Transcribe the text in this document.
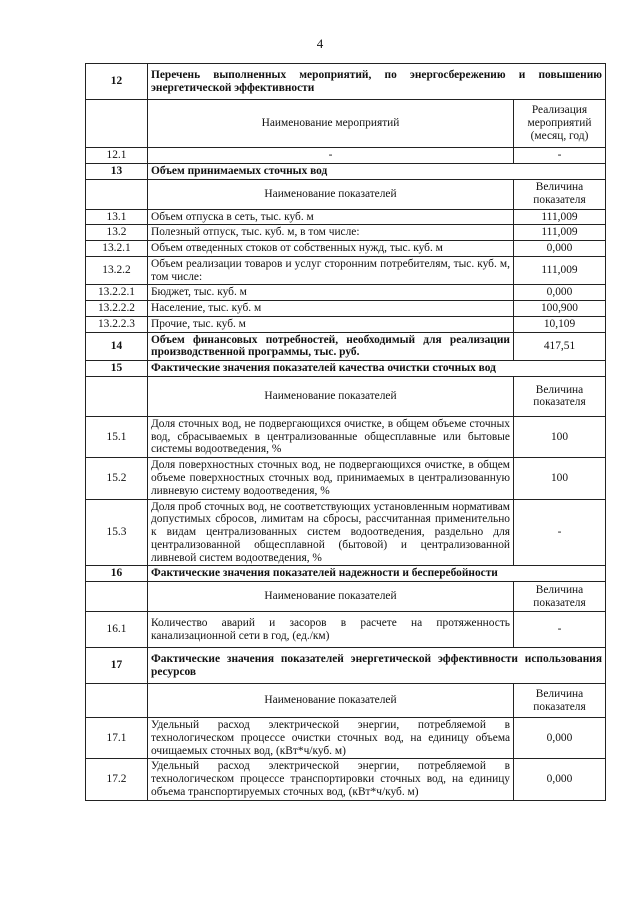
4
12	Перечень выполненных мероприятий, по энергосбережению и повышению энергетической эффективности	
	Наименование мероприятий	Реализация мероприятий (месяц, год)
12.1	-	-
13	Объем принимаемых сточных вод	
	Наименование показателей	Величина показателя
13.1	Объем отпуска в сеть, тыс. куб. м	111,009
13.2	Полезный отпуск, тыс. куб. м, в том числе:	111,009
13.2.1	Объем отведенных стоков от собственных нужд, тыс. куб. м	0,000
13.2.2	Объем реализации товаров и услуг сторонним потребителям, тыс. куб. м, том числе:	111,009
13.2.2.1	Бюджет, тыс. куб. м	0,000
13.2.2.2	Население, тыс. куб. м	100,900
13.2.2.3	Прочие, тыс. куб. м	10,109
14	Объем финансовых потребностей, необходимый для реализации производственной программы, тыс. руб.	417,51
15	Фактические значения показателей качества очистки сточных вод	
	Наименование показателей	Величина показателя
15.1	Доля сточных вод, не подвергающихся очистке, в общем объеме сточных вод, сбрасываемых в централизованные общесплавные или бытовые системы водоотведения, %	100
15.2	Доля поверхностных сточных вод, не подвергающихся очистке, в общем объеме поверхностных сточных вод, принимаемых в централизованную ливневую систему водоотведения, %	100
15.3	Доля проб сточных вод, не соответствующих установленным нормативам допустимых сбросов, лимитам на сбросы, рассчитанная применительно к видам централизованных систем водоотведения, раздельно для централизованной общесплавной (бытовой) и централизованной ливневой систем водоотведения, %	-
16	Фактические значения показателей надежности и бесперебойности	
	Наименование показателей	Величина показателя
16.1	Количество аварий и засоров в расчете на протяженность канализационной сети в год, (ед./км)	-
17	Фактические значения показателей энергетической эффективности использования ресурсов	
	Наименование показателей	Величина показателя
17.1	Удельный расход электрической энергии, потребляемой в технологическом процессе очистки сточных вод, на единицу объема очищаемых сточных вод, (кВт*ч/куб. м)	0,000
17.2	Удельный расход электрической энергии, потребляемой в технологическом процессе транспортировки сточных вод, на единицу объема транспортируемых сточных вод, (кВт*ч/куб. м)	0,000
